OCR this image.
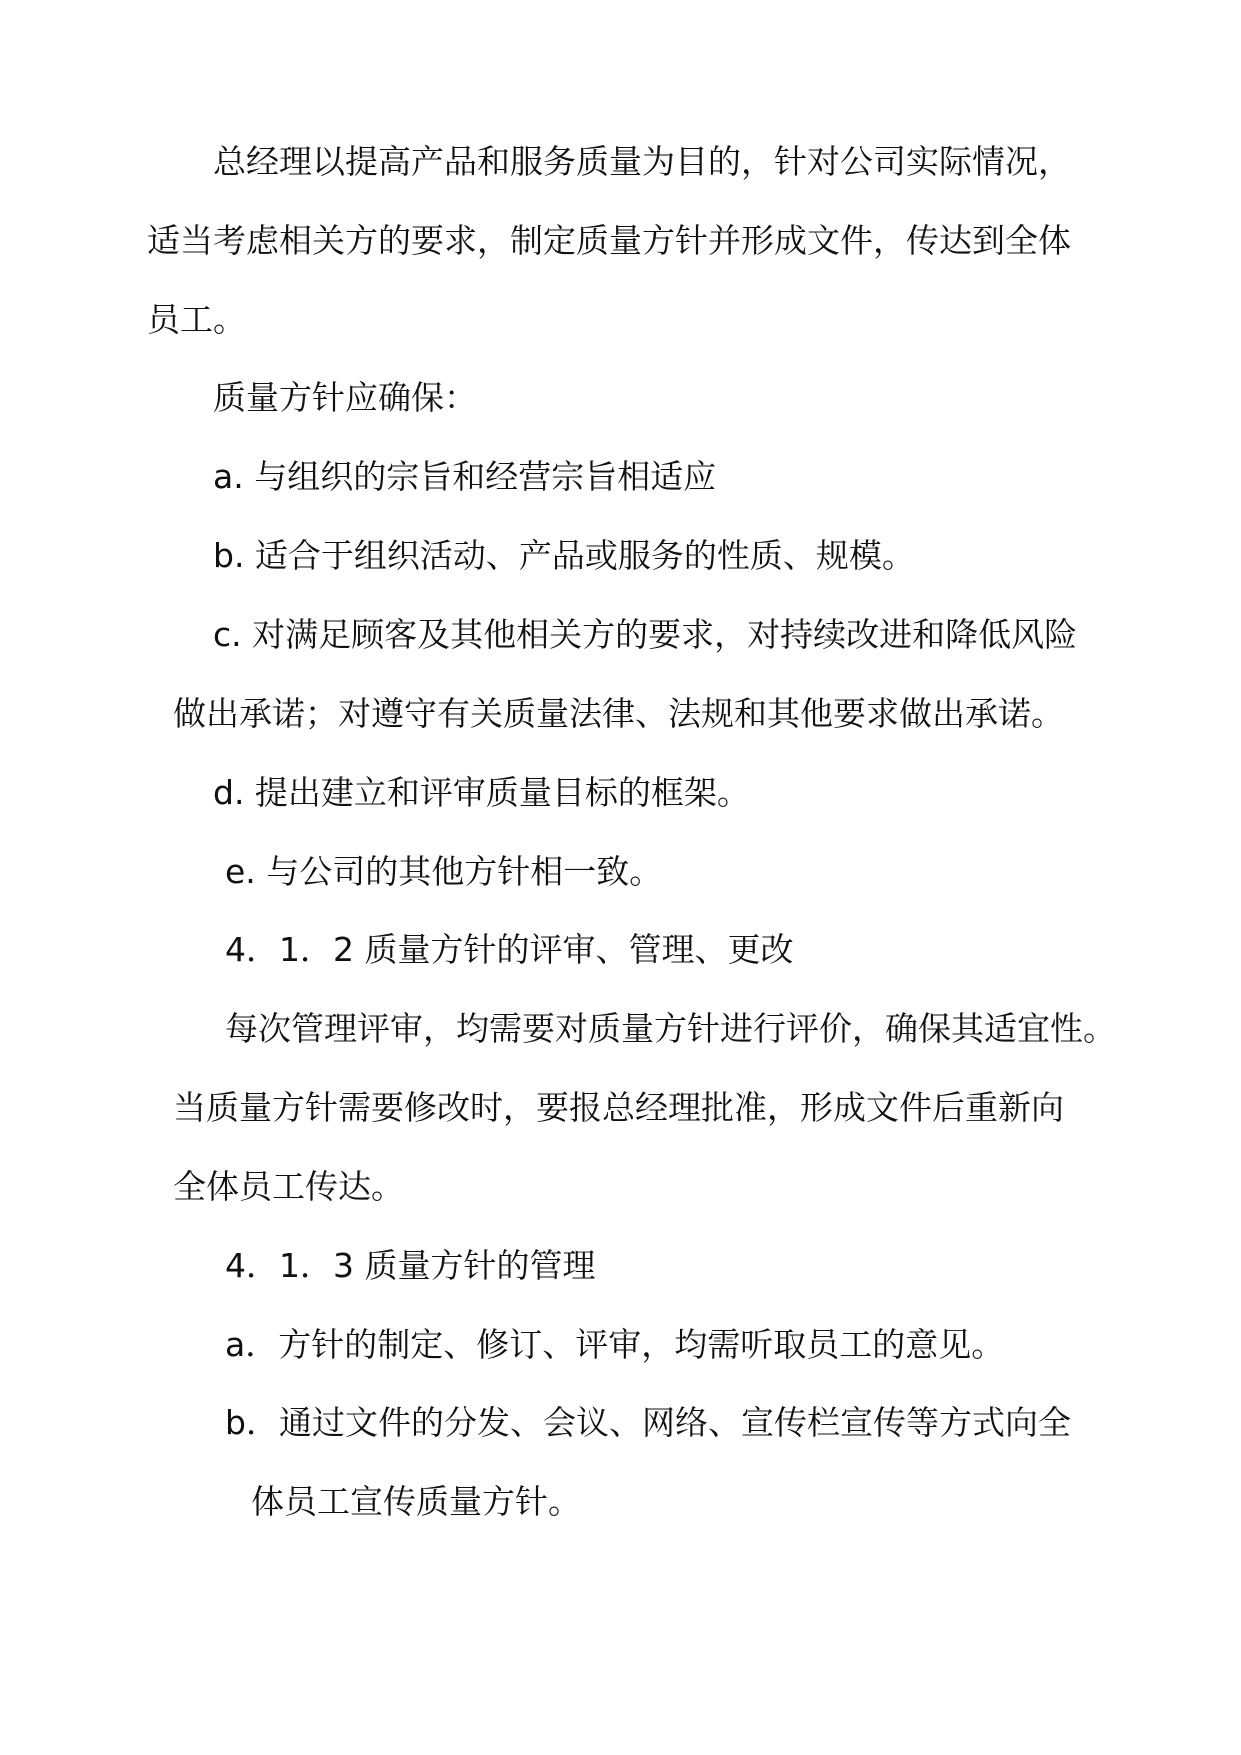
总经理以提高产品和服务质量为目的，针对公司实际情况，

适当考虑相关方的要求，制定质量方针并形成文件，传达到全体

员工。

质量方针应确保：

a. 与组织的宗旨和经营宗旨相适应

b. 适合于组织活动、产品或服务的性质、规模。

c. 对满足顾客及其他相关方的要求，对持续改进和降低风险

做出承诺；对遵守有关质量法律、法规和其他要求做出承诺。

d. 提出建立和评审质量目标的框架。

e. 与公司的其他方针相一致。

4．1．2 质量方针的评审、管理、更改

每次管理评审，均需要对质量方针进行评价，确保其适宜性。

当质量方针需要修改时，要报总经理批准，形成文件后重新向

全体员工传达。

4．1．3 质量方针的管理

a．方针的制定、修订、评审，均需听取员工的意见。

b．通过文件的分发、会议、网络、宣传栏宣传等方式向全

体员工宣传质量方针。
